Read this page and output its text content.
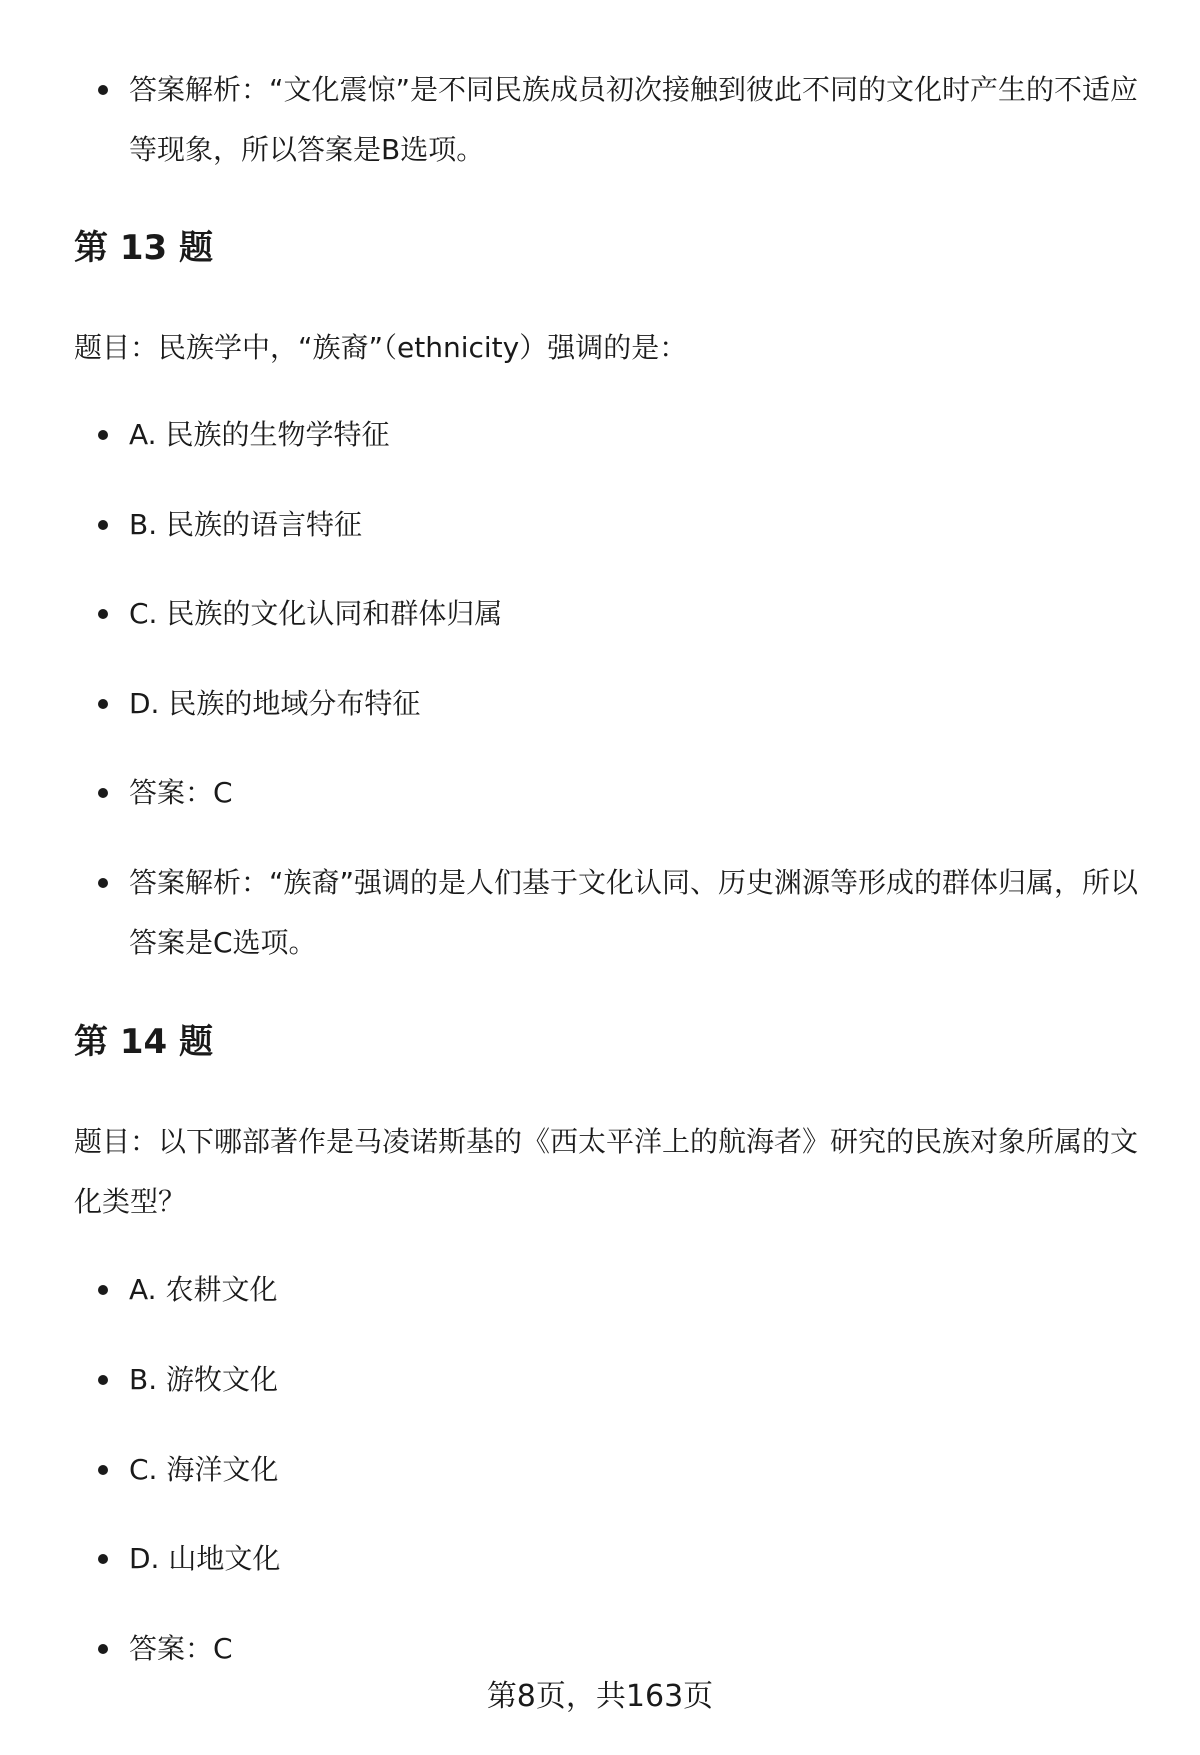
答案解析：“文化震惊”是不同民族成员初次接触到彼此不同的文化时产生的不适应等现象，所以答案是B选项。
第 13 题
题目：民族学中，“族裔”（ethnicity）强调的是：
A. 民族的生物学特征
B. 民族的语言特征
C. 民族的文化认同和群体归属
D. 民族的地域分布特征
答案：C
答案解析：“族裔”强调的是人们基于文化认同、历史渊源等形成的群体归属，所以答案是C选项。
第 14 题
题目：以下哪部著作是马凌诺斯基的《西太平洋上的航海者》研究的民族对象所属的文化类型？
A. 农耕文化
B. 游牧文化
C. 海洋文化
D. 山地文化
答案：C
第8页，共163页
